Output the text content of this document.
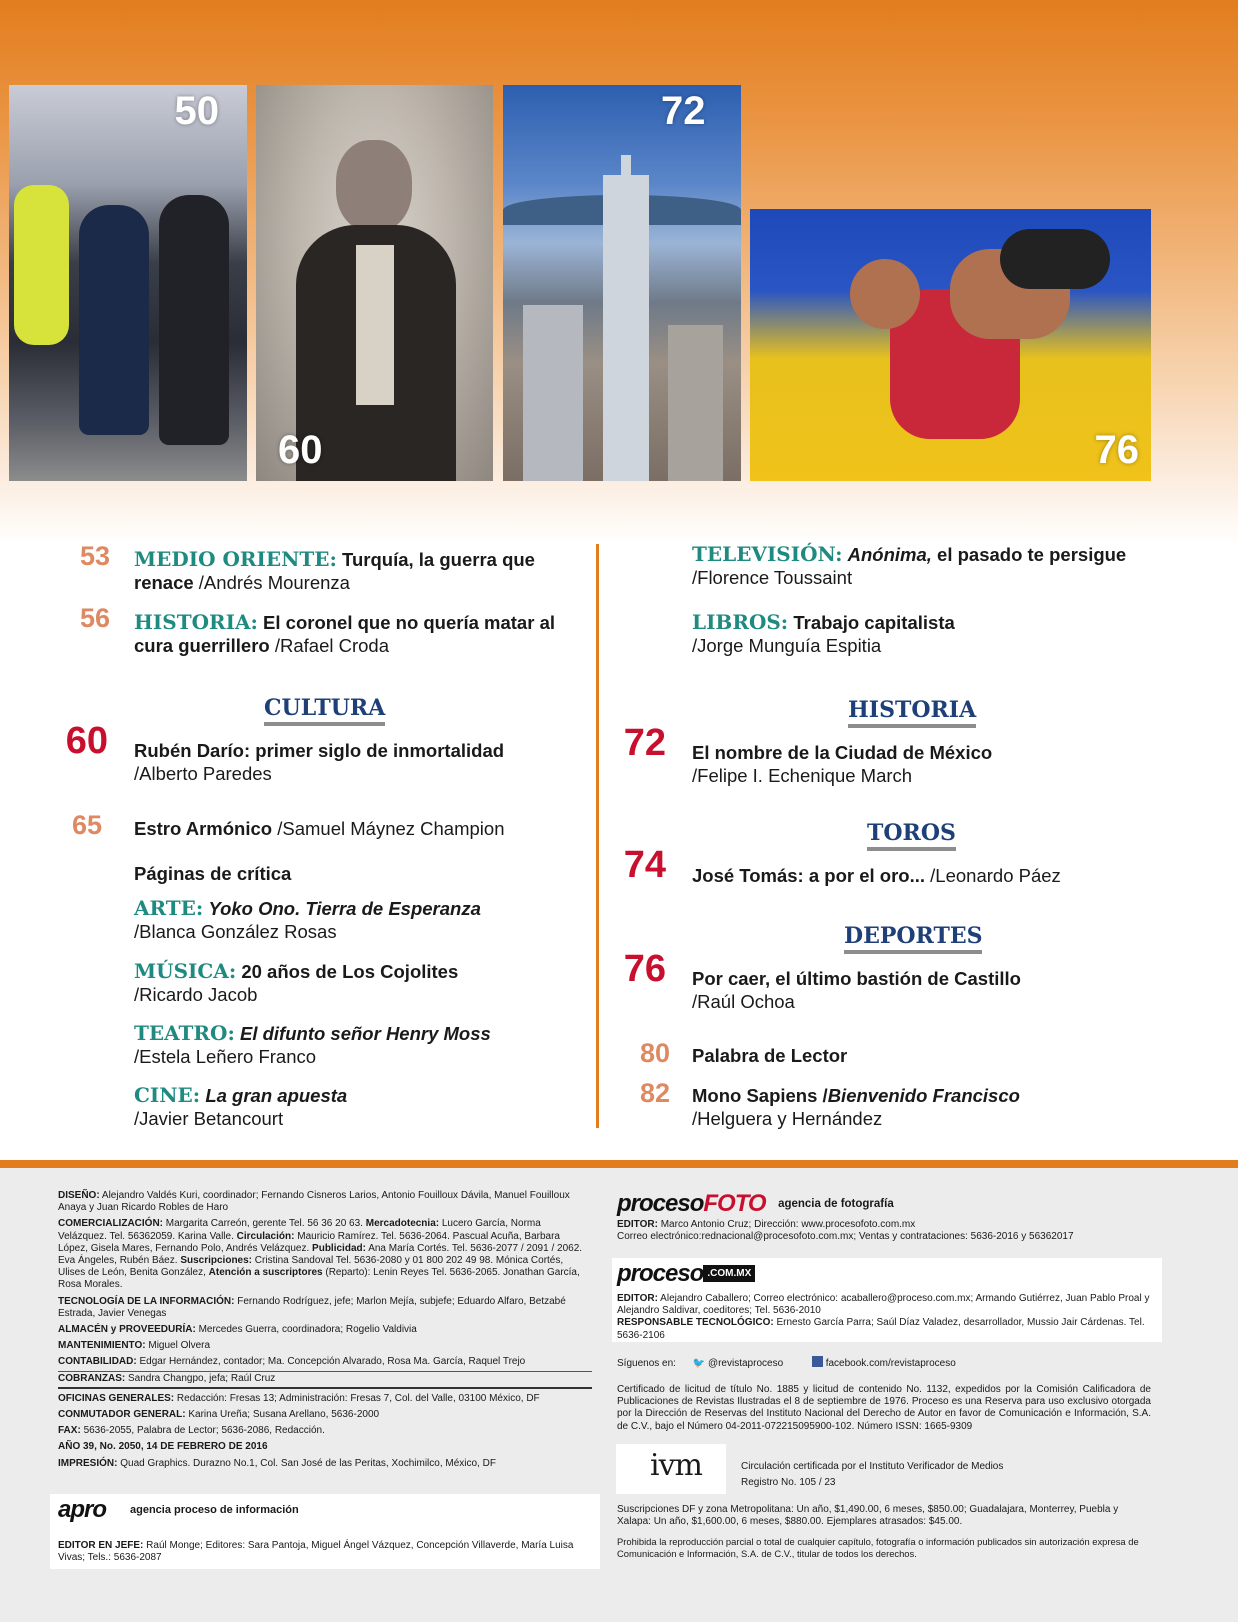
50
60
72
76
53 MEDIO ORIENTE: Turquía, la guerra que renace /Andrés Mourenza
56 HISTORIA: El coronel que no quería matar al cura guerrillero /Rafael Croda
CULTURA
60 Rubén Darío: primer siglo de inmortalidad
/Alberto Paredes
65 Estro Armónico /Samuel Máynez Champion
Páginas de crítica
ARTE: Yoko Ono. Tierra de Esperanza
/Blanca González Rosas
MÚSICA: 20 años de Los Cojolites
/Ricardo Jacob
TEATRO: El difunto señor Henry Moss
/Estela Leñero Franco
CINE: La gran apuesta
/Javier Betancourt
TELEVISIÓN: Anónima, el pasado te persigue
/Florence Toussaint
LIBROS: Trabajo capitalista
/Jorge Munguía Espitia
HISTORIA
72 El nombre de la Ciudad de México
/Felipe I. Echenique March
TOROS
74 José Tomás: a por el oro... /Leonardo Páez
DEPORTES
76 Por caer, el último bastión de Castillo
/Raúl Ochoa
80 Palabra de Lector
82 Mono Sapiens /Bienvenido Francisco
/Helguera y Hernández
DISEÑO: Alejandro Valdés Kuri, coordinador; Fernando Cisneros Larios, Antonio Fouilloux Dávila, Manuel Fouilloux Anaya y Juan Ricardo Robles de Haro
COMERCIALIZACIÓN: Margarita Carreón, gerente Tel. 56 36 20 63. Mercadotecnia: Lucero García, Norma Velázquez. Tel. 56362059. Karina Valle. Circulación: Mauricio Ramírez. Tel. 5636-2064. Pascual Acuña, Barbara López, Gisela Mares, Fernando Polo, Andrés Velázquez. Publicidad: Ana María Cortés. Tel. 5636-2077 / 2091 / 2062. Eva Ángeles, Rubén Báez. Suscripciones: Cristina Sandoval Tel. 5636-2080 y 01 800 202 49 98. Mónica Cortés, Ulises de León, Benita González, Atención a suscriptores (Reparto): Lenin Reyes Tel. 5636-2065. Jonathan García, Rosa Morales.
TECNOLOGÍA DE LA INFORMACIÓN: Fernando Rodríguez, jefe; Marlon Mejía, subjefe; Eduardo Alfaro, Betzabé Estrada, Javier Venegas
ALMACÉN y PROVEEDURÍA: Mercedes Guerra, coordinadora; Rogelio Valdivia
MANTENIMIENTO: Miguel Olvera
CONTABILIDAD: Edgar Hernández, contador; Ma. Concepción Alvarado, Rosa Ma. García, Raquel Trejo
COBRANZAS: Sandra Changpo, jefa; Raúl Cruz
OFICINAS GENERALES: Redacción: Fresas 13; Administración: Fresas 7, Col. del Valle, 03100 México, DF
CONMUTADOR GENERAL: Karina Ureña; Susana Arellano, 5636-2000
FAX: 5636-2055, Palabra de Lector; 5636-2086, Redacción.
AÑO 39, No. 2050, 14 DE FEBRERO DE 2016
IMPRESIÓN: Quad Graphics. Durazno No.1, Col. San José de las Peritas, Xochimilco, México, DF
apro agencia proceso de información
EDITOR EN JEFE: Raúl Monge; Editores: Sara Pantoja, Miguel Ángel Vázquez, Concepción Villaverde, María Luisa Vivas; Tels.: 5636-2087
procesoFOTO $^{agencia de fotografía}$
EDITOR: Marco Antonio Cruz; Dirección: www.procesofoto.com.mx
Correo electrónico:rednacional@procesofoto.com.mx; Ventas y contrataciones: 5636-2016 y 56362017
proceso $^{.COM.MX}$
EDITOR: Alejandro Caballero; Correo electrónico: acaballero@proceso.com.mx; Armando Gutiérrez, Juan Pablo Proal y Alejandro Saldivar, coeditores; Tel. 5636-2010
RESPONSABLE TECNOLÓGICO: Ernesto García Parra; Saúl Díaz Valadez, desarrollador, Mussio Jair Cárdenas. Tel. 5636-2106
Síguenos en: 🐦 @revistaproceso	facebook.com/revistaproceso
Certificado de licitud de título No. 1885 y licitud de contenido No. 1132, expedidos por la Comisión Calificadora de Publicaciones de Revistas Ilustradas el 8 de septiembre de 1976. Proceso es una Reserva para uso exclusivo otorgada por la Dirección de Reservas del Instituto Nacional del Derecho de Autor en favor de Comunicación e Información, S.A. de C.V., bajo el Número 04-2011-072215095900-102. Número ISSN: 1665-9309
ivm	Circulación certificada por el Instituto Verificador de Medios
Registro No. 105 / 23
Suscripciones DF y zona Metropolitana: Un año, $1,490.00, 6 meses, $850.00; Guadalajara, Monterrey, Puebla y Xalapa: Un año, $1,600.00, 6 meses, $880.00. Ejemplares atrasados: $45.00.
Prohibida la reproducción parcial o total de cualquier capítulo, fotografía o información publicados sin autorización expresa de Comunicación e Información, S.A. de C.V., titular de todos los derechos.
